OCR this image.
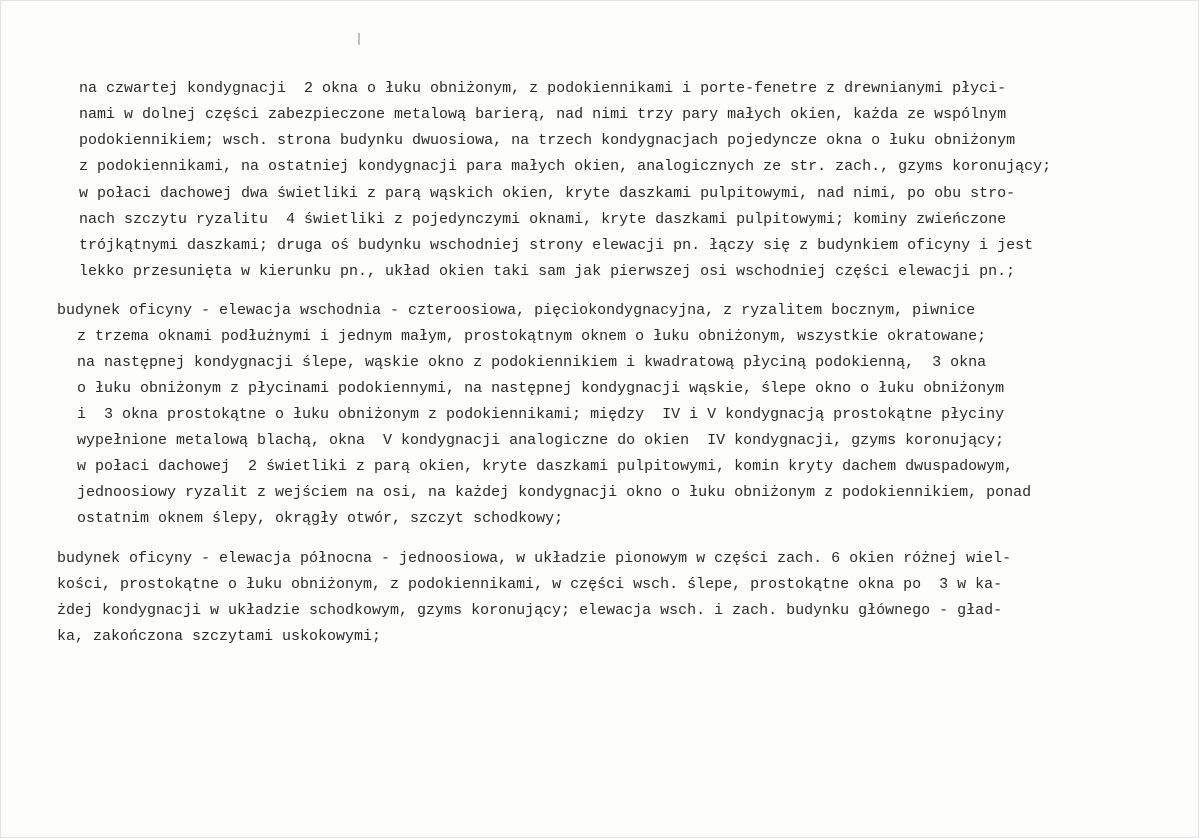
na czwartej kondygnacji  2 okna o łuku obniżonym, z podokiennikami i porte-fenetre z drewnianymi płyci-
nami w dolnej części zabezpieczone metalową barierą, nad nimi trzy pary małych okien, każda ze wspólnym
podokiennikiem; wsch. strona budynku dwuosiowa, na trzech kondygnacjach pojedyncze okna o łuku obniżonym
z podokiennikami, na ostatniej kondygnacji para małych okien, analogicznych ze str. zach., gzyms koronujący;
w połaci dachowej dwa świetliki z parą wąskich okien, kryte daszkami pulpitowymi, nad nimi, po obu stro-
nach szczytu ryzalitu  4 świetliki z pojedynczymi oknami, kryte daszkami pulpitowymi; kominy zwieńczone
trójkątnymi daszkami; druga oś budynku wschodniej strony elewacji pn. łączy się z budynkiem oficyny i jest
lekko przesunięta w kierunku pn., układ okien taki sam jak pierwszej osi wschodniej części elewacji pn.;
budynek oficyny - elewacja wschodnia - czteroosiowa, pięciokondygnacyjna, z ryzalitem bocznym, piwnice
z trzema oknami podłużnymi i jednym małym, prostokątnym oknem o łuku obniżonym, wszystkie okratowane;
na następnej kondygnacji ślepe, wąskie okno z podokiennikiem i kwadratową płyciną podokienną,  3 okna
o łuku obniżonym z płycinami podokiennymi, na następnej kondygnacji wąskie, ślepe okno o łuku obniżonym
i  3 okna prostokątne o łuku obniżonym z podokiennikami; między  IV i V kondygnacją prostokątne płyciny
wypełnione metalową blachą, okna  V kondygnacji analogiczne do okien  IV kondygnacji, gzyms koronujący;
w połaci dachowej  2 świetliki z parą okien, kryte daszkami pulpitowymi, komin kryty dachem dwuspadowym,
jednoosiowy ryzalit z wejściem na osi, na każdej kondygnacji okno o łuku obniżonym z podokiennikiem, ponad
ostatnim oknem ślepy, okrągły otwór, szczyt schodkowy;
budynek oficyny - elewacja północna - jednoosiowa, w układzie pionowym w części zach. 6 okien różnej wiel-
kości, prostokątne o łuku obniżonym, z podokiennikami, w części wsch. ślepe, prostokątne okna po  3 w ka-
żdej kondygnacji w układzie schodkowym, gzyms koronujący; elewacja wsch. i zach. budynku głównego - gład-
ka, zakończona szczytami uskokowymi;
